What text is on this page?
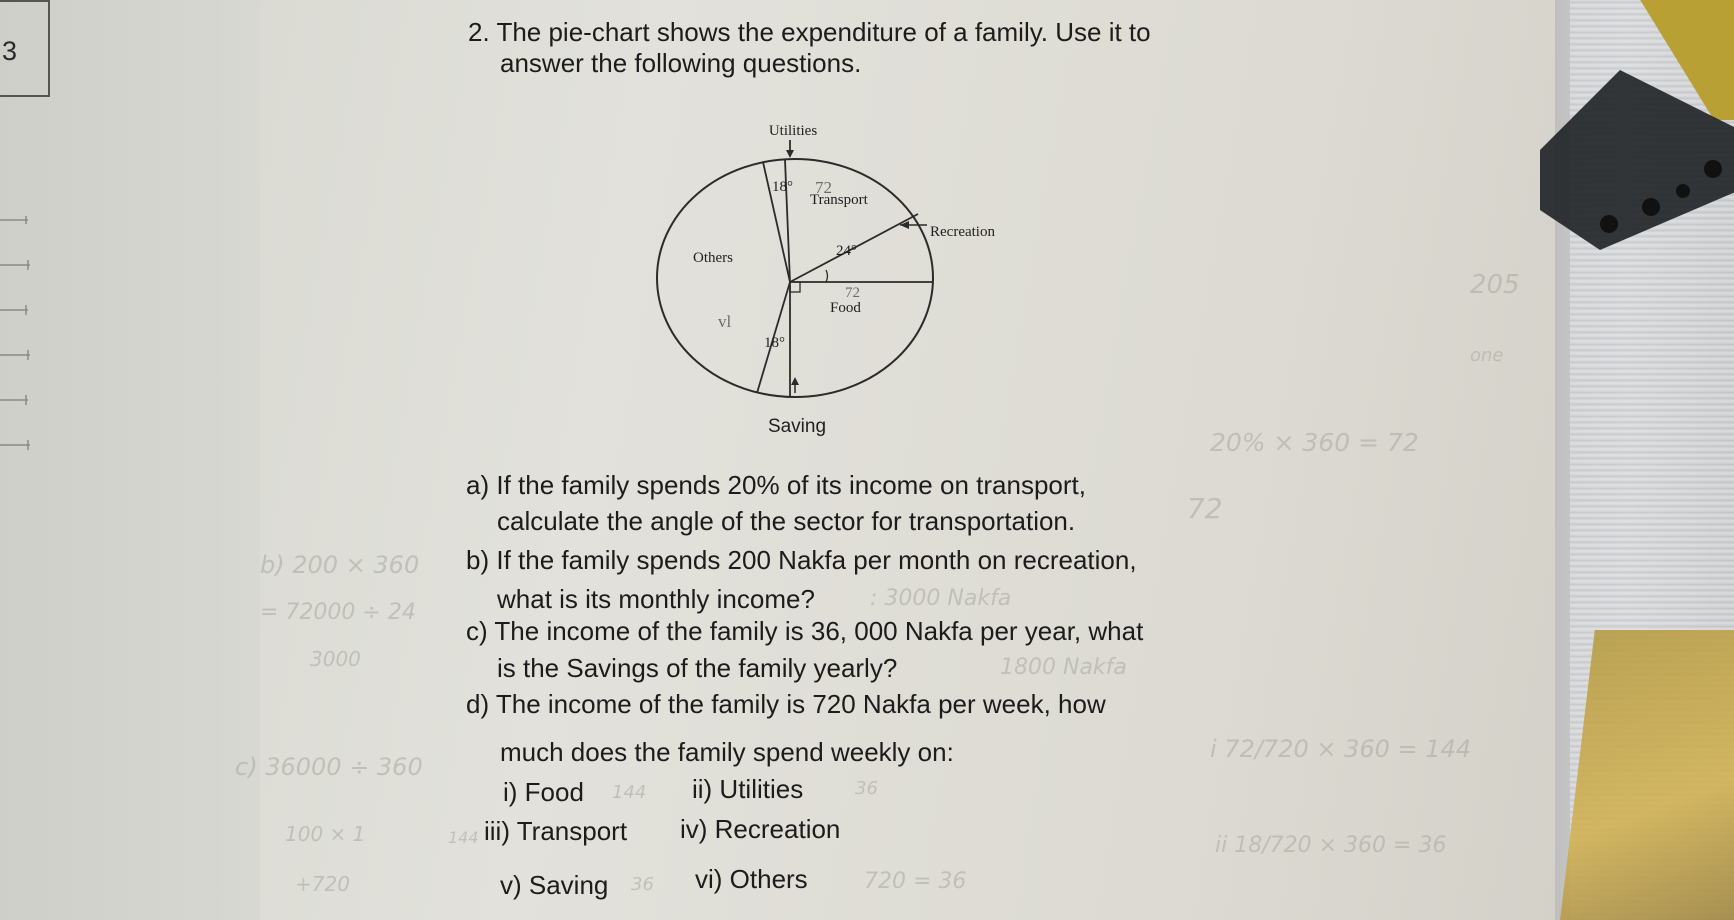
3
2. The pie-chart shows the expenditure of a family. Use it to
answer the following questions.
Utilities
18°
Transport
Recreation
24°
Food
18°
Others
Saving
72
72
vl
a) If the family spends 20% of its income on transport,
calculate the angle of the sector for transportation.
b) If the family spends 200 Nakfa per month on recreation,
what is its monthly income?
c) The income of the family is 36, 000 Nakfa per year, what
is the Savings of the family yearly?
d) The income of the family is 720 Nakfa per week, how
much does the family spend weekly on:
i) Food	ii) Utilities
iii) Transport iv) Recreation
v) Saving	vi) Others
205
one
20% × 360 = 72
72
b) 200 × 360
= 72000 ÷ 24
: 3000 Nakfa
3000	1800 Nakfa
c) 36000 ÷ 360
i 72/720 × 360 = 144
144	36
100 × 1	144	ii 18/720 × 360 = 36
36
+720	720 = 36
